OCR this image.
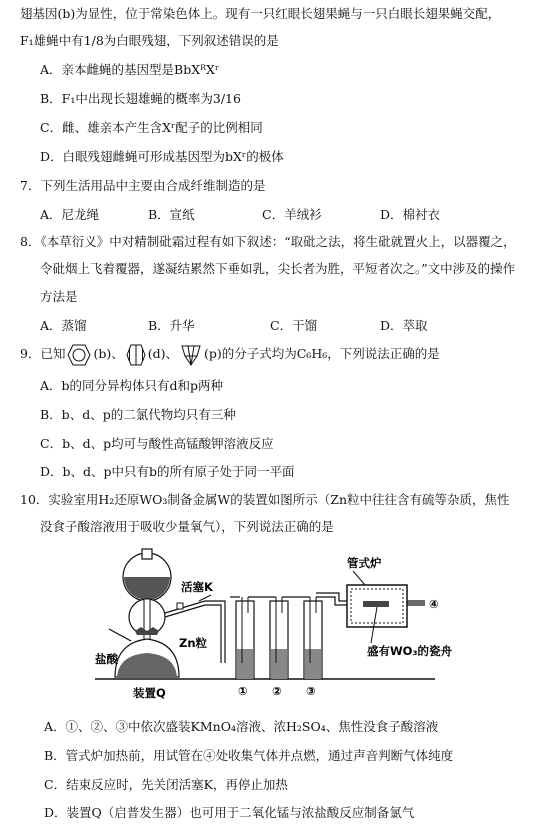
翅基因(b)为显性，位于常染色体上。现有一只红眼长翅果蝇与一只白眼长翅果蝇交配，
F₁雄蝇中有1/8为白眼残翅，下列叙述错误的是
A．亲本雌蝇的基因型是BbXᴿXʳ
B．F₁中出现长翅雄蝇的概率为3/16
C．雌、雄亲本产生含Xʳ配子的比例相同
D．白眼残翅雌蝇可形成基因型为bXʳ的极体
7．下列生活用品中主要由合成纤维制造的是
A．尼龙绳	B．宣纸	C．羊绒衫	D．棉衬衣
8．《本草衍义》中对精制砒霜过程有如下叙述：“取砒之法，将生砒就置火上，以器覆之，
令砒烟上飞着覆器，遂凝结累然下垂如乳，尖长者为胜，平短者次之。”文中涉及的操作
方法是
A．蒸馏	B．升华	C．干馏	D．萃取
9．已知 (b)、 (d)、 (p)的分子式均为C₆H₆，下列说法正确的是
A．b的同分异构体只有d和p两种
B．b、d、p的二氯代物均只有三种
C．b、d、p均可与酸性高锰酸钾溶液反应
D．b、d、p中只有b的所有原子处于同一平面
10．实验室用H₂还原WO₃制备金属W的装置如图所示（Zn粒中往往含有硫等杂质，焦性
没食子酸溶液用于吸收少量氧气），下列说法正确的是
管式炉
活塞K
Zn粒
盐酸
盛有WO₃的瓷舟
装置Q	① ② ③
④
A．①、②、③中依次盛装KMnO₄溶液、浓H₂SO₄、焦性没食子酸溶液
B．管式炉加热前，用试管在④处收集气体并点燃，通过声音判断气体纯度
C．结束反应时，先关闭活塞K，再停止加热
D．装置Q（启普发生器）也可用于二氧化锰与浓盐酸反应制备氯气
